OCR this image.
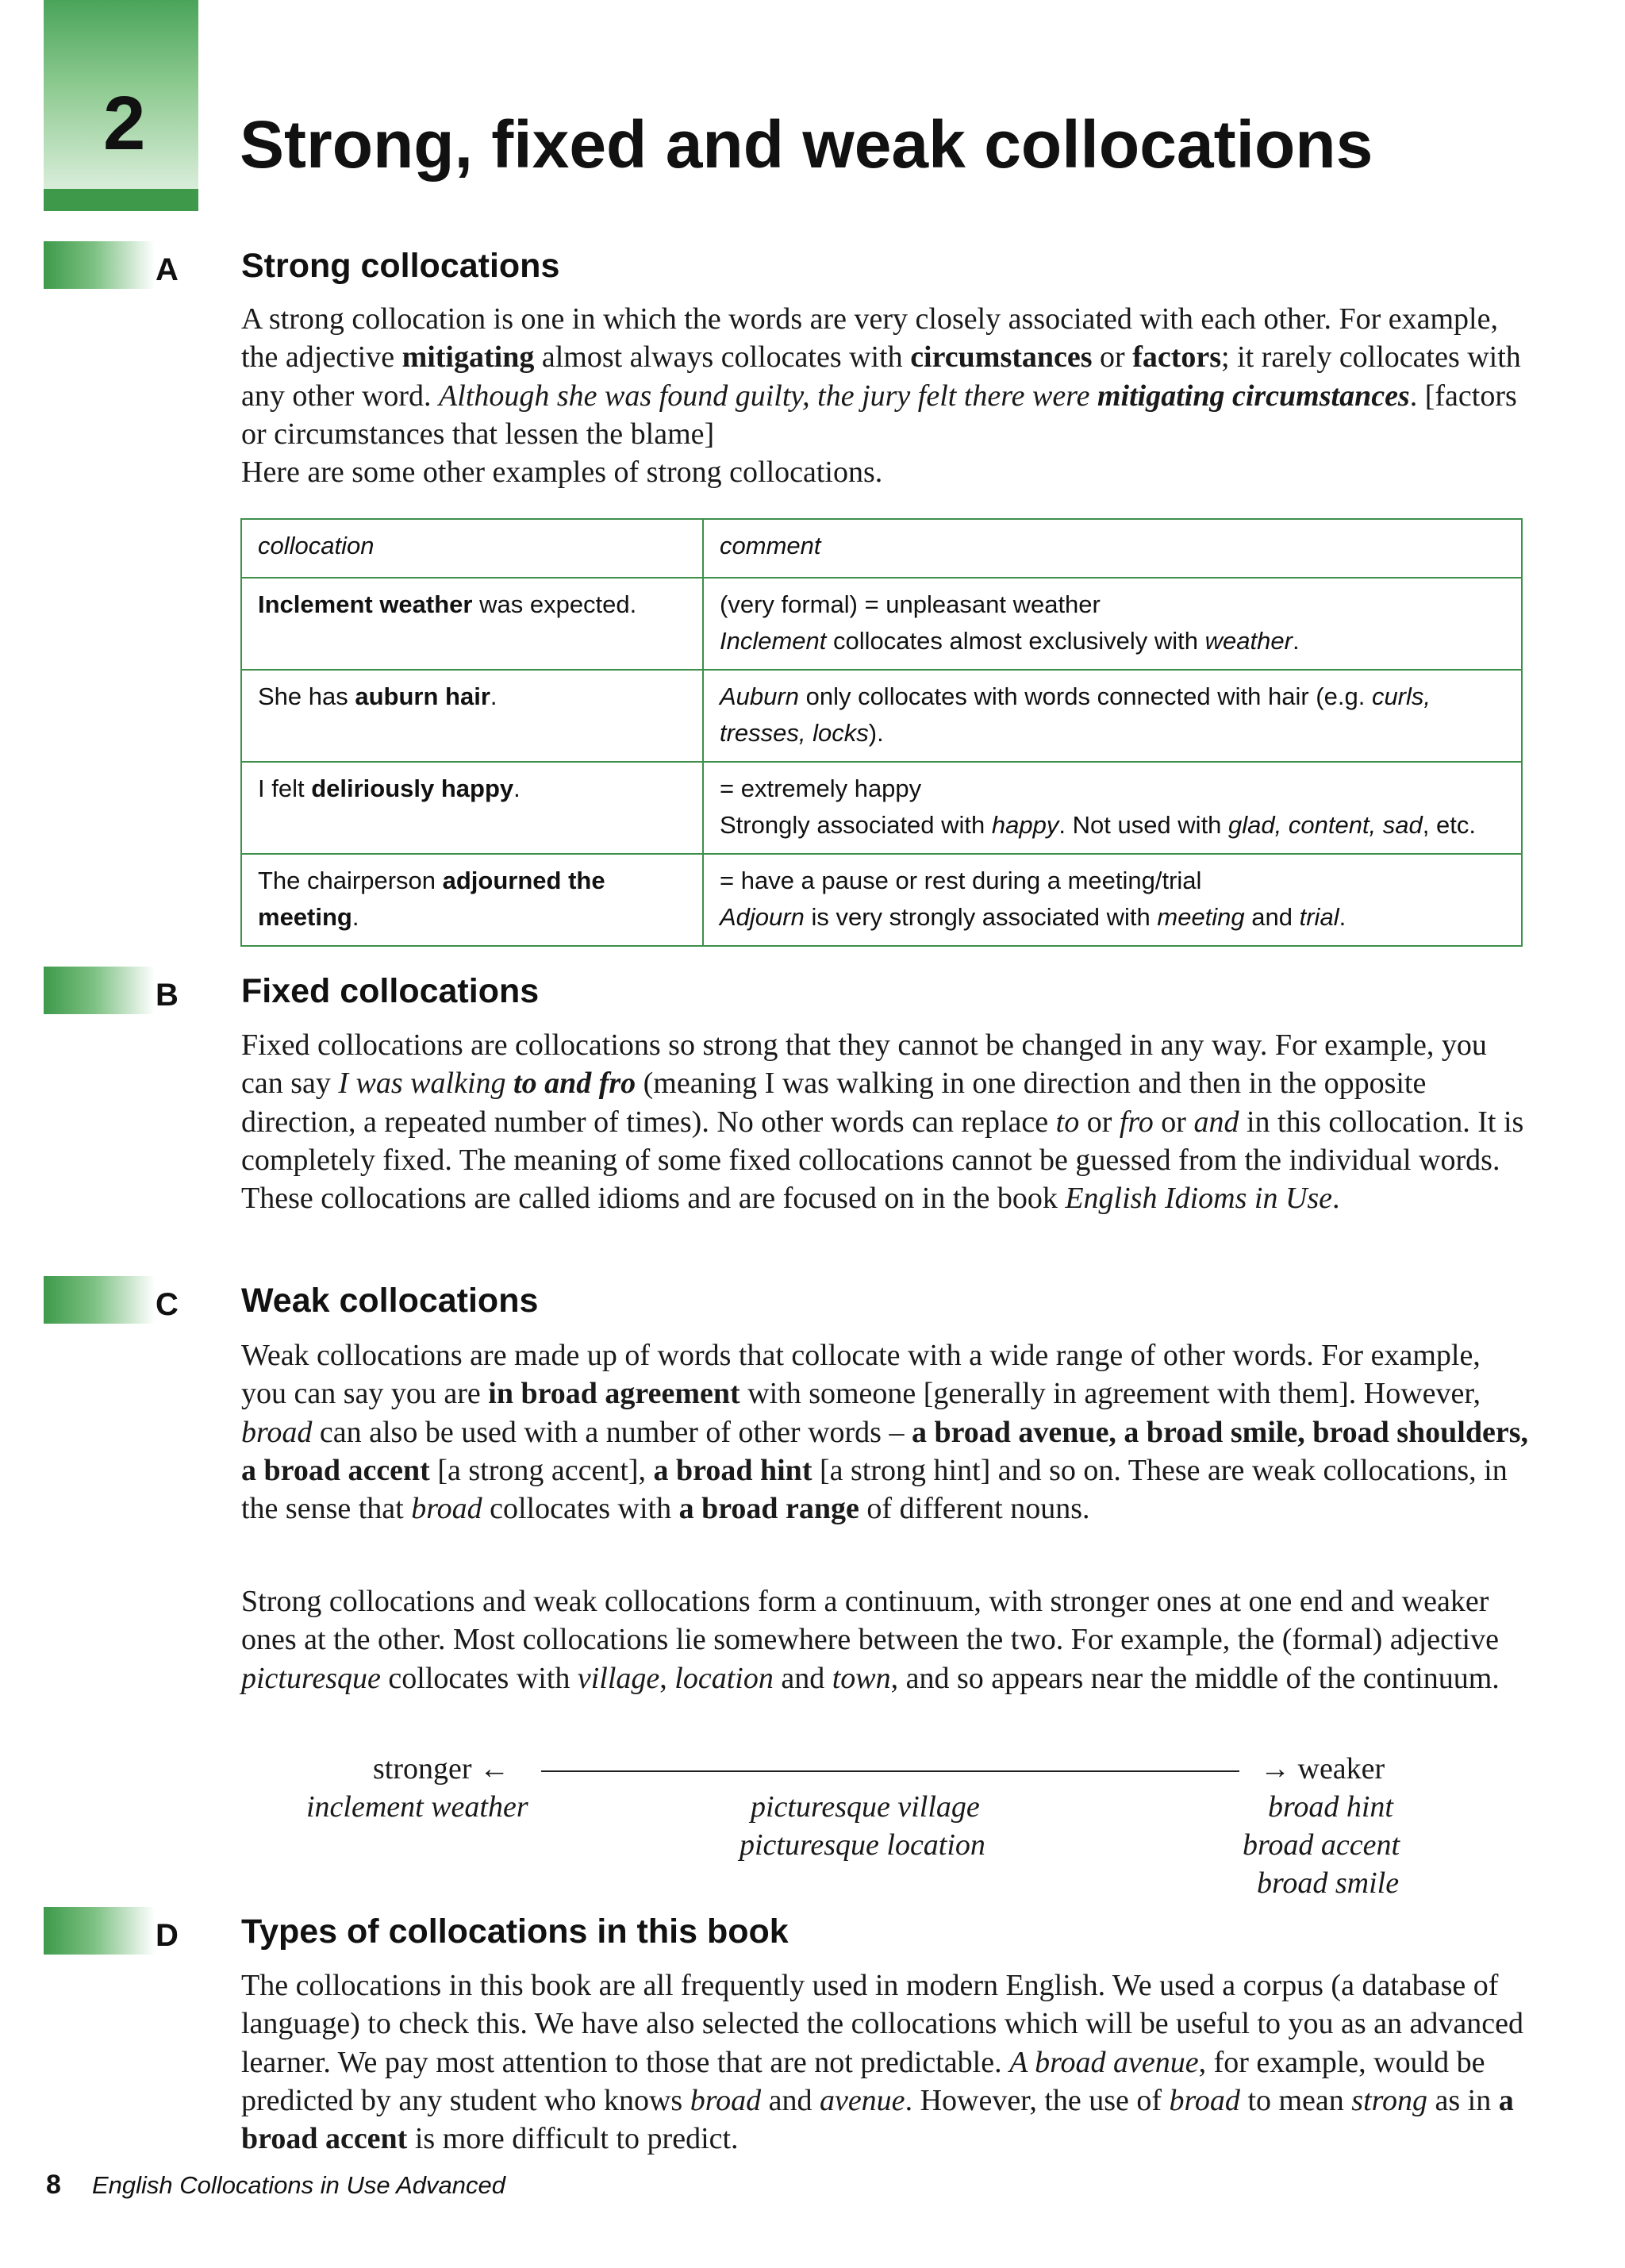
2 Strong, fixed and weak collocations
A Strong collocations

A strong collocation is one in which the words are very closely associated with each other. For example, the adjective mitigating almost always collocates with circumstances or factors; it rarely collocates with any other word. Although she was found guilty, the jury felt there were mitigating circumstances. [factors or circumstances that lessen the blame]
Here are some other examples of strong collocations.

collocation	comment
Inclement weather was expected.	(very formal) = unpleasant weather
Inclement collocates almost exclusively with weather.
She has auburn hair.	Auburn only collocates with words connected with hair (e.g. curls, tresses, locks).
I felt deliriously happy.	= extremely happy
Strongly associated with happy. Not used with glad, content, sad, etc.
The chairperson adjourned the meeting.	= have a pause or rest during a meeting/trial
Adjourn is very strongly associated with meeting and trial.
B Fixed collocations

Fixed collocations are collocations so strong that they cannot be changed in any way. For example, you can say I was walking to and fro (meaning I was walking in one direction and then in the opposite direction, a repeated number of times). No other words can replace to or fro or and in this collocation. It is completely fixed. The meaning of some fixed collocations cannot be guessed from the individual words. These collocations are called idioms and are focused on in the book English Idioms in Use.

C Weak collocations

Weak collocations are made up of words that collocate with a wide range of other words. For example, you can say you are in broad agreement with someone [generally in agreement with them]. However, broad can also be used with a number of other words – a broad avenue, a broad smile, broad shoulders, a broad accent [a strong accent], a broad hint [a strong hint] and so on. These are weak collocations, in the sense that broad collocates with a broad range of different nouns.

Strong collocations and weak collocations form a continuum, with stronger ones at one end and weaker ones at the other. Most collocations lie somewhere between the two. For example, the (formal) adjective picturesque collocates with village, location and town, and so appears near the middle of the continuum.

stronger ←	→ weaker
inclement weather	picturesque village
picturesque location
broad hint
broad accent
broad smile
D Types of collocations in this book

The collocations in this book are all frequently used in modern English. We used a corpus (a database of language) to check this. We have also selected the collocations which will be useful to you as an advanced learner. We pay most attention to those that are not predictable. A broad avenue, for example, would be predicted by any student who knows broad and avenue. However, the use of broad to mean strong as in a broad accent is more difficult to predict.

8 English Collocations in Use Advanced
